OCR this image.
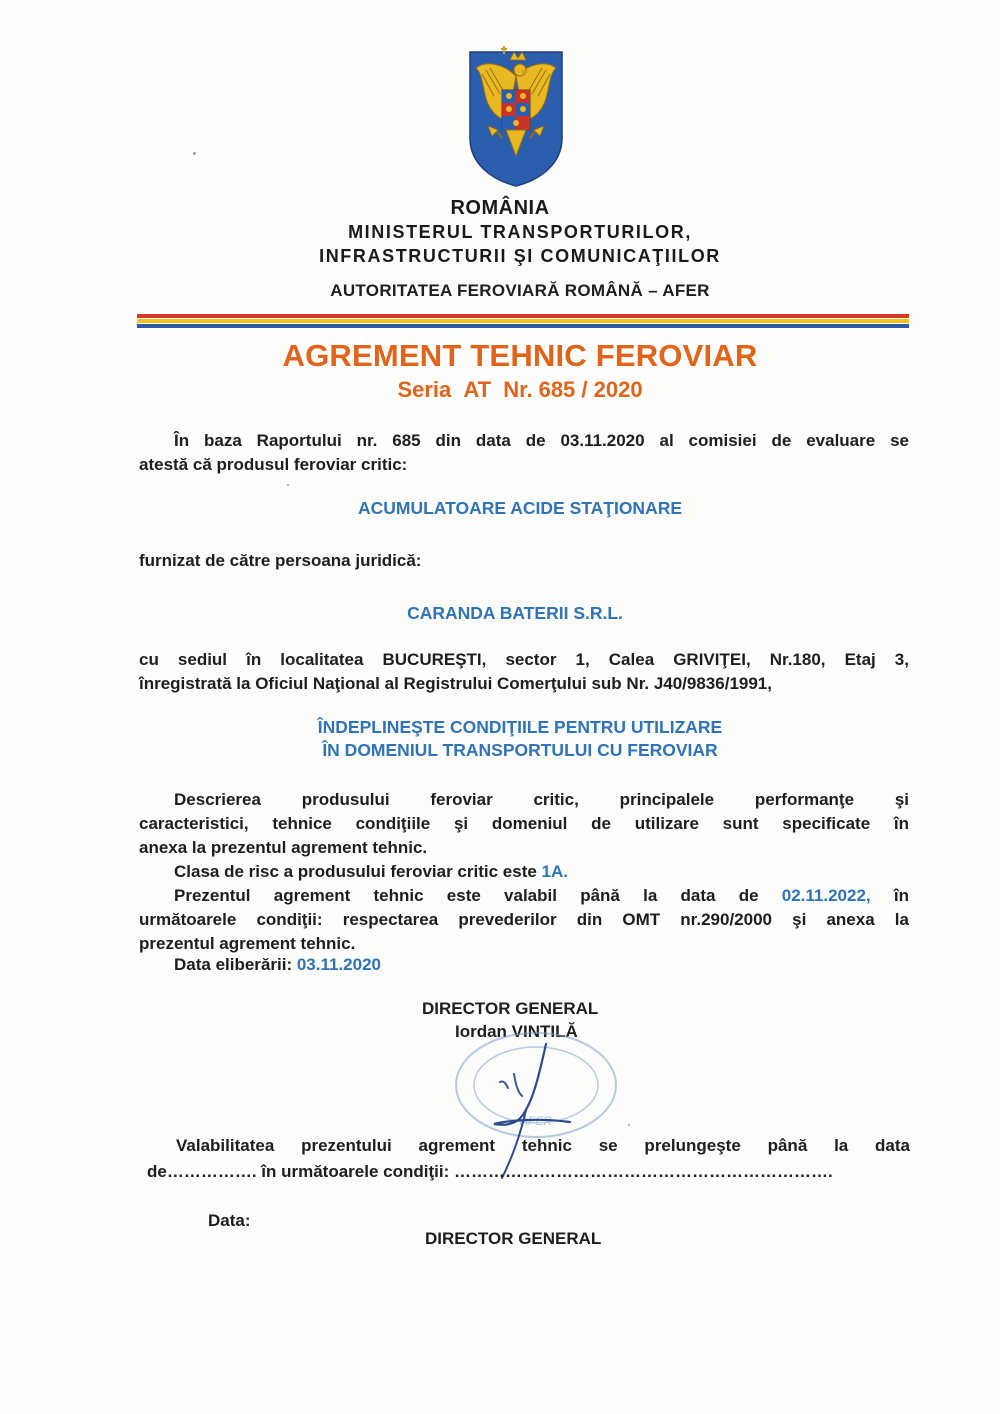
ROMÂNIA
MINISTERUL TRANSPORTURILOR,
INFRASTRUCTURII ŞI COMUNICAŢIILOR
AUTORITATEA FEROVIARĂ ROMÂNĂ – AFER
AGREMENT TEHNIC FEROVIAR
Seria AT Nr. 685 / 2020
În baza Raportului nr. 685 din data de 03.11.2020 al comisiei de evaluare se
atestă că produsul feroviar critic:
ACUMULATOARE ACIDE STAŢIONARE
furnizat de către persoana juridică:
CARANDA BATERII S.R.L.
cu sediul în localitatea BUCUREŞTI, sector 1, Calea GRIVIŢEI, Nr.180, Etaj 3,
înregistrată la Oficiul Naţional al Registrului Comerţului sub Nr. J40/9836/1991,
ÎNDEPLINEŞTE CONDIŢIILE PENTRU UTILIZARE
ÎN DOMENIUL TRANSPORTULUI CU FEROVIAR
Descrierea produsului feroviar critic, principalele performanţe şi
caracteristici, tehnice condiţiile şi domeniul de utilizare sunt specificate în
anexa la prezentul agrement tehnic.
Clasa de risc a produsului feroviar critic este 1A.
Prezentul agrement tehnic este valabil până la data de 02.11.2022, în
următoarele condiţii: respectarea prevederilor din OMT nr.290/2000 şi anexa la
prezentul agrement tehnic.
Data eliberării: 03.11.2020
DIRECTOR GENERAL
Iordan VINTILĂ
AFER
Valabilitatea prezentului agrement tehnic se prelungeşte până la data
de……………. în următoarele condiţii: ………………………………………………………….
Data:
DIRECTOR GENERAL
